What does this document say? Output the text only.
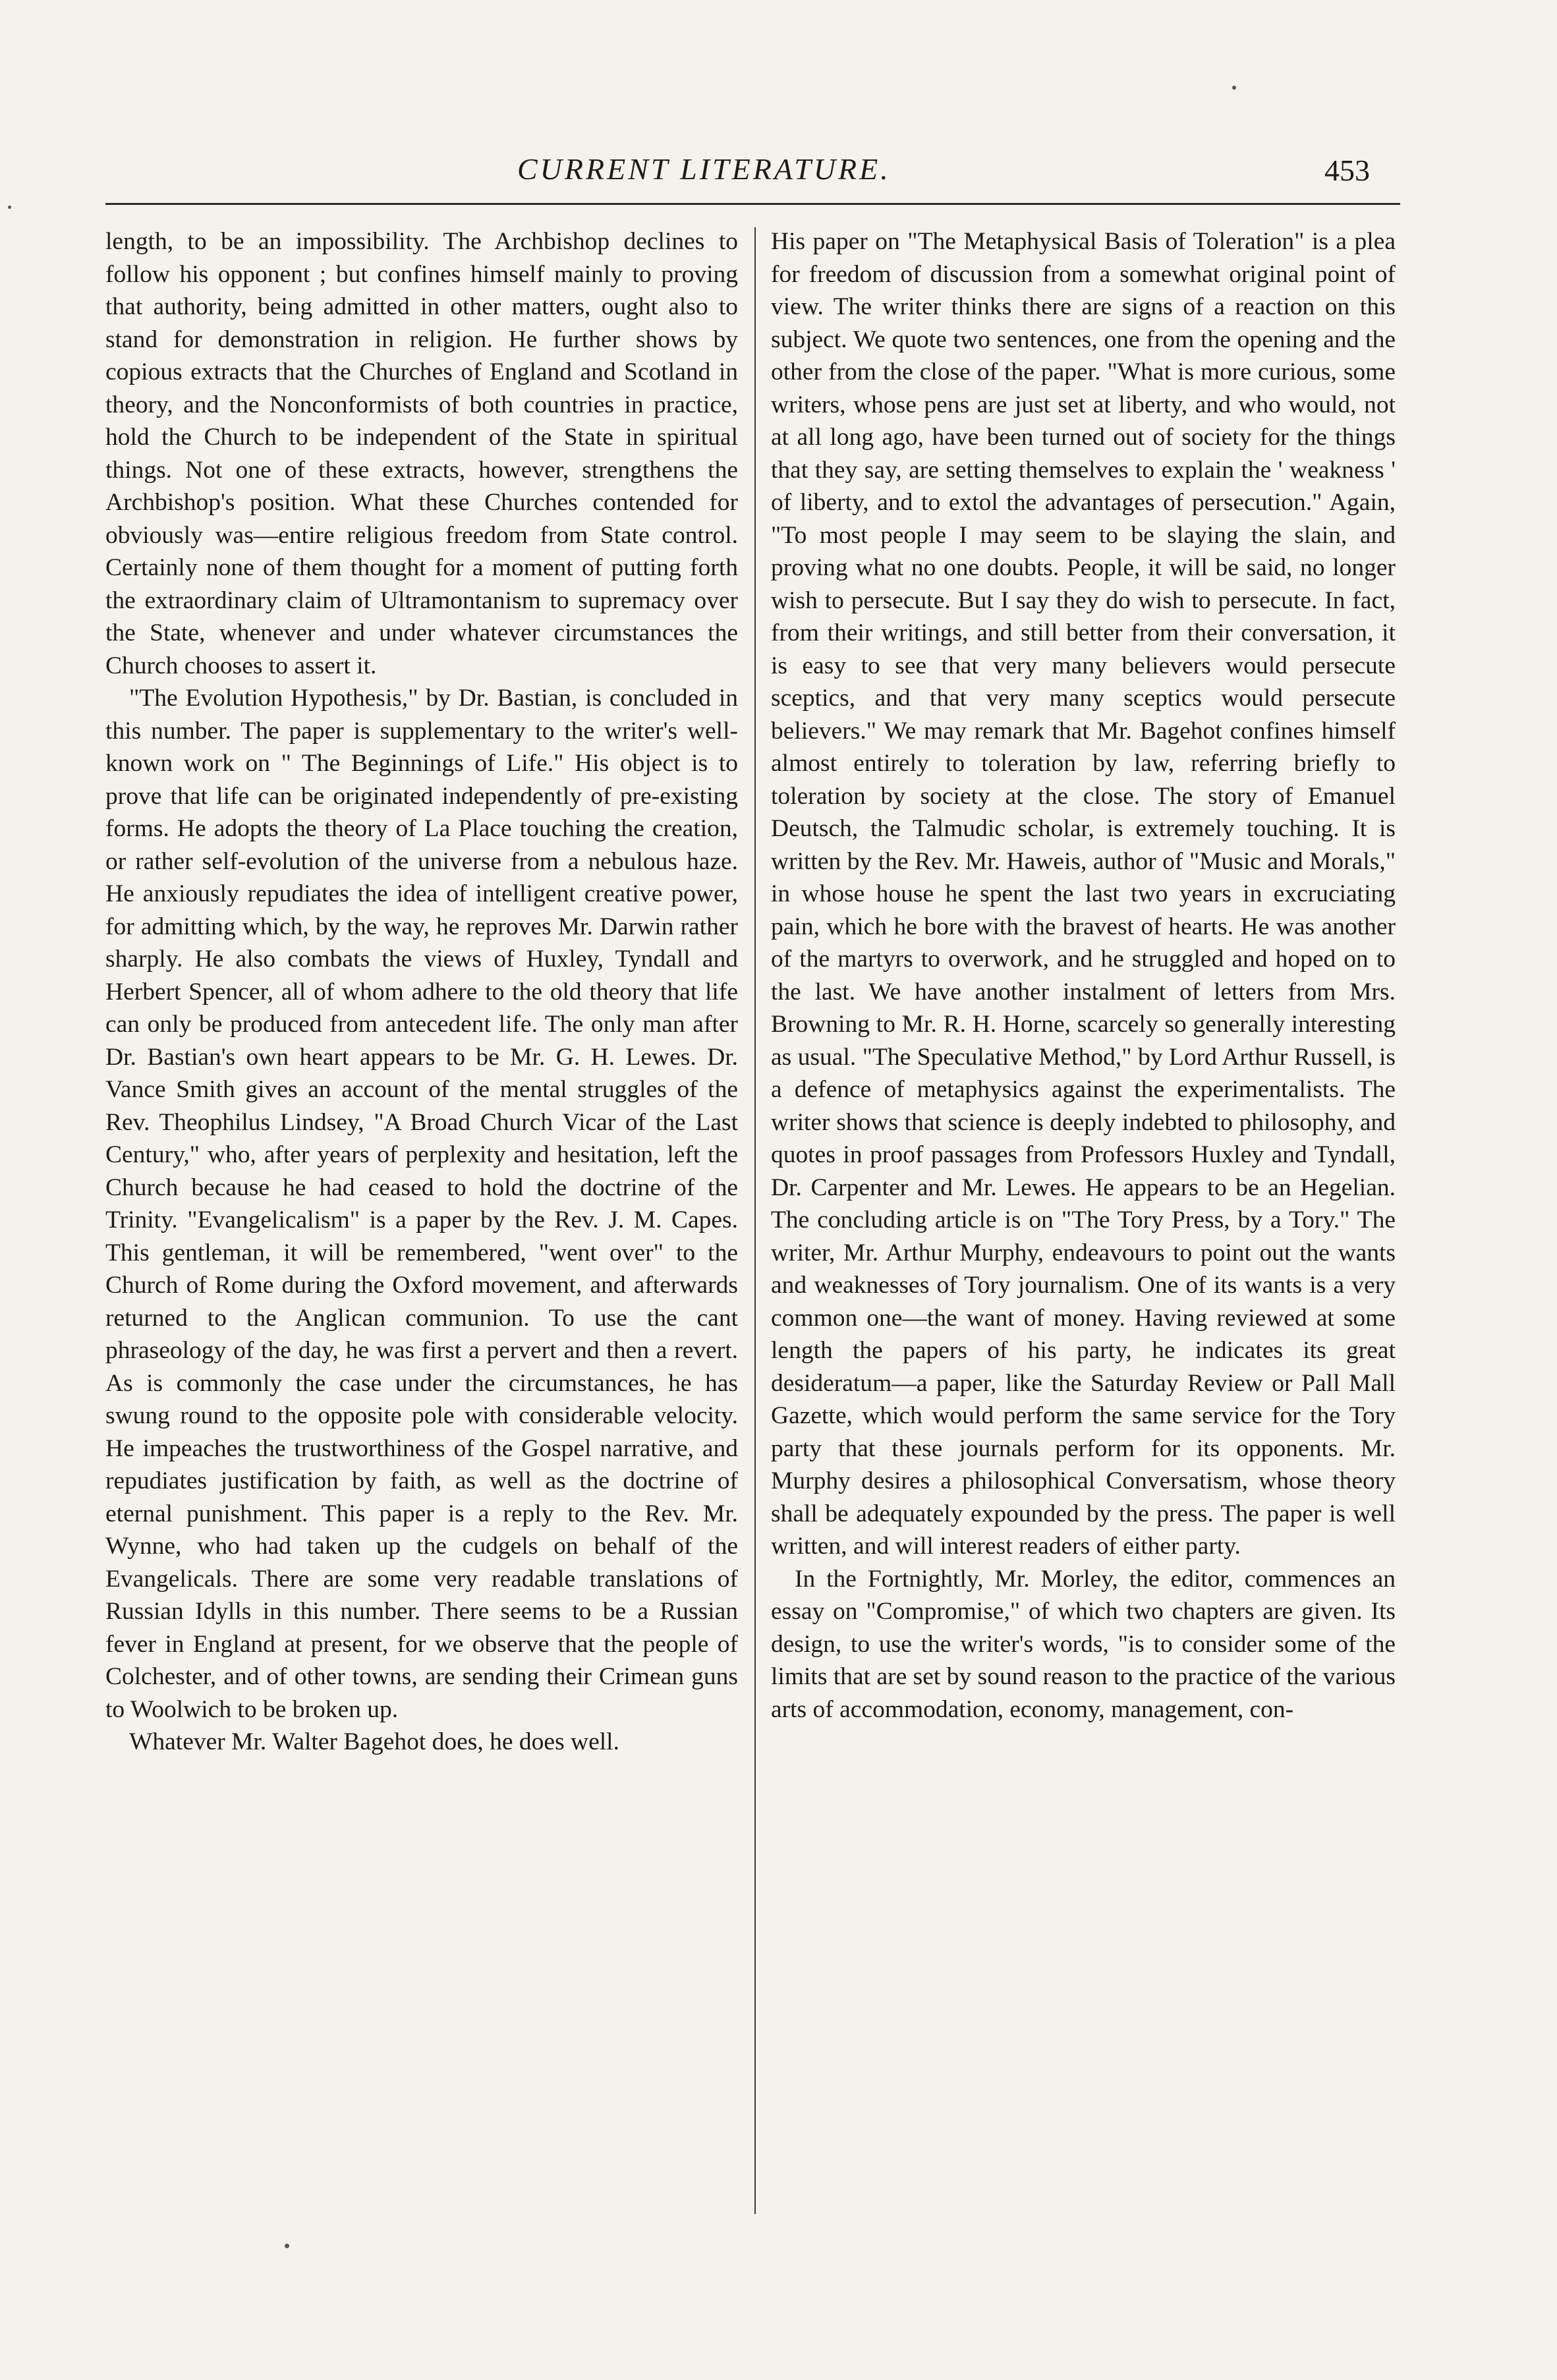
CURRENT LITERATURE.	453

length, to be an impossibility. The Archbishop declines to follow his opponent ; but confines himself mainly to proving that authority, being admitted in other matters, ought also to stand for demonstration in religion. He further shows by copious extracts that the Churches of England and Scotland in theory, and the Nonconformists of both countries in practice, hold the Church to be independent of the State in spiritual things. Not one of these extracts, however, strengthens the Archbishop's position. What these Churches contended for obviously was—entire religious freedom from State control. Certainly none of them thought for a moment of putting forth the extraordinary claim of Ultramontanism to supremacy over the State, whenever and under whatever circumstances the Church chooses to assert it.

"The Evolution Hypothesis," by Dr. Bastian, is concluded in this number. The paper is supplementary to the writer's well-known work on " The Beginnings of Life." His object is to prove that life can be originated independently of pre-existing forms. He adopts the theory of La Place touching the creation, or rather self-evolution of the universe from a nebulous haze. He anxiously repudiates the idea of intelligent creative power, for admitting which, by the way, he reproves Mr. Darwin rather sharply. He also combats the views of Huxley, Tyndall and Herbert Spencer, all of whom adhere to the old theory that life can only be produced from antecedent life. The only man after Dr. Bastian's own heart appears to be Mr. G. H. Lewes. Dr. Vance Smith gives an account of the mental struggles of the Rev. Theophilus Lindsey, "A Broad Church Vicar of the Last Century," who, after years of perplexity and hesitation, left the Church because he had ceased to hold the doctrine of the Trinity. "Evangelicalism" is a paper by the Rev. J. M. Capes. This gentleman, it will be remembered, "went over" to the Church of Rome during the Oxford movement, and afterwards returned to the Anglican communion. To use the cant phraseology of the day, he was first a pervert and then a revert. As is commonly the case under the circumstances, he has swung round to the opposite pole with considerable velocity. He impeaches the trustworthiness of the Gospel narrative, and repudiates justification by faith, as well as the doctrine of eternal punishment. This paper is a reply to the Rev. Mr. Wynne, who had taken up the cudgels on behalf of the Evangelicals. There are some very readable translations of Russian Idylls in this number. There seems to be a Russian fever in England at present, for we observe that the people of Colchester, and of other towns, are sending their Crimean guns to Woolwich to be broken up.

Whatever Mr. Walter Bagehot does, he does well.

His paper on "The Metaphysical Basis of Toleration" is a plea for freedom of discussion from a somewhat original point of view. The writer thinks there are signs of a reaction on this subject. We quote two sentences, one from the opening and the other from the close of the paper. "What is more curious, some writers, whose pens are just set at liberty, and who would, not at all long ago, have been turned out of society for the things that they say, are setting themselves to explain the ' weakness ' of liberty, and to extol the advantages of persecution." Again, "To most people I may seem to be slaying the slain, and proving what no one doubts. People, it will be said, no longer wish to persecute. But I say they do wish to persecute. In fact, from their writings, and still better from their conversation, it is easy to see that very many believers would persecute sceptics, and that very many sceptics would persecute believers." We may remark that Mr. Bagehot confines himself almost entirely to toleration by law, referring briefly to toleration by society at the close. The story of Emanuel Deutsch, the Talmudic scholar, is extremely touching. It is written by the Rev. Mr. Haweis, author of "Music and Morals," in whose house he spent the last two years in excruciating pain, which he bore with the bravest of hearts. He was another of the martyrs to overwork, and he struggled and hoped on to the last. We have another instalment of letters from Mrs. Browning to Mr. R. H. Horne, scarcely so generally interesting as usual. "The Speculative Method," by Lord Arthur Russell, is a defence of metaphysics against the experimentalists. The writer shows that science is deeply indebted to philosophy, and quotes in proof passages from Professors Huxley and Tyndall, Dr. Carpenter and Mr. Lewes. He appears to be an Hegelian. The concluding article is on "The Tory Press, by a Tory." The writer, Mr. Arthur Murphy, endeavours to point out the wants and weaknesses of Tory journalism. One of its wants is a very common one—the want of money. Having reviewed at some length the papers of his party, he indicates its great desideratum—a paper, like the Saturday Review or Pall Mall Gazette, which would perform the same service for the Tory party that these journals perform for its opponents. Mr. Murphy desires a philosophical Conversatism, whose theory shall be adequately expounded by the press. The paper is well written, and will interest readers of either party.

In the Fortnightly, Mr. Morley, the editor, commences an essay on "Compromise," of which two chapters are given. Its design, to use the writer's words, "is to consider some of the limits that are set by sound reason to the practice of the various arts of accommodation, economy, management, con-
